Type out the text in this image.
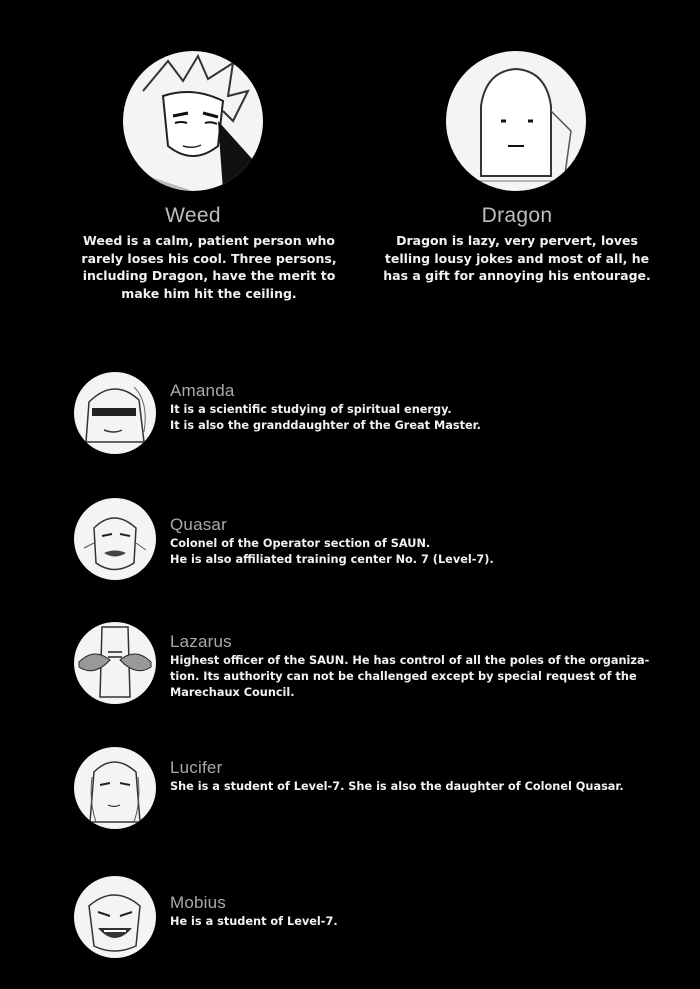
Weed
Weed is a calm, patient person who rarely loses his cool. Three persons, including Dragon, have the merit to make him hit the ceiling.
Dragon
Dragon is lazy, very pervert, loves telling lousy jokes and most of all, he has a gift for annoying his entourage.
Amanda
It is a scientific studying of spiritual energy.
It is also the granddaughter of the Great Master.
Quasar
Colonel of the Operator section of SAUN.
He is also affiliated training center No. 7 (Level-7).
Lazarus
Highest officer of the SAUN. He has control of all the poles of the organiza-
tion. Its authority can not be challenged except by special request of the
Marechaux Council.
Lucifer
She is a student of Level-7. She is also the daughter of Colonel Quasar.
Mobius
He is a student of Level-7.
